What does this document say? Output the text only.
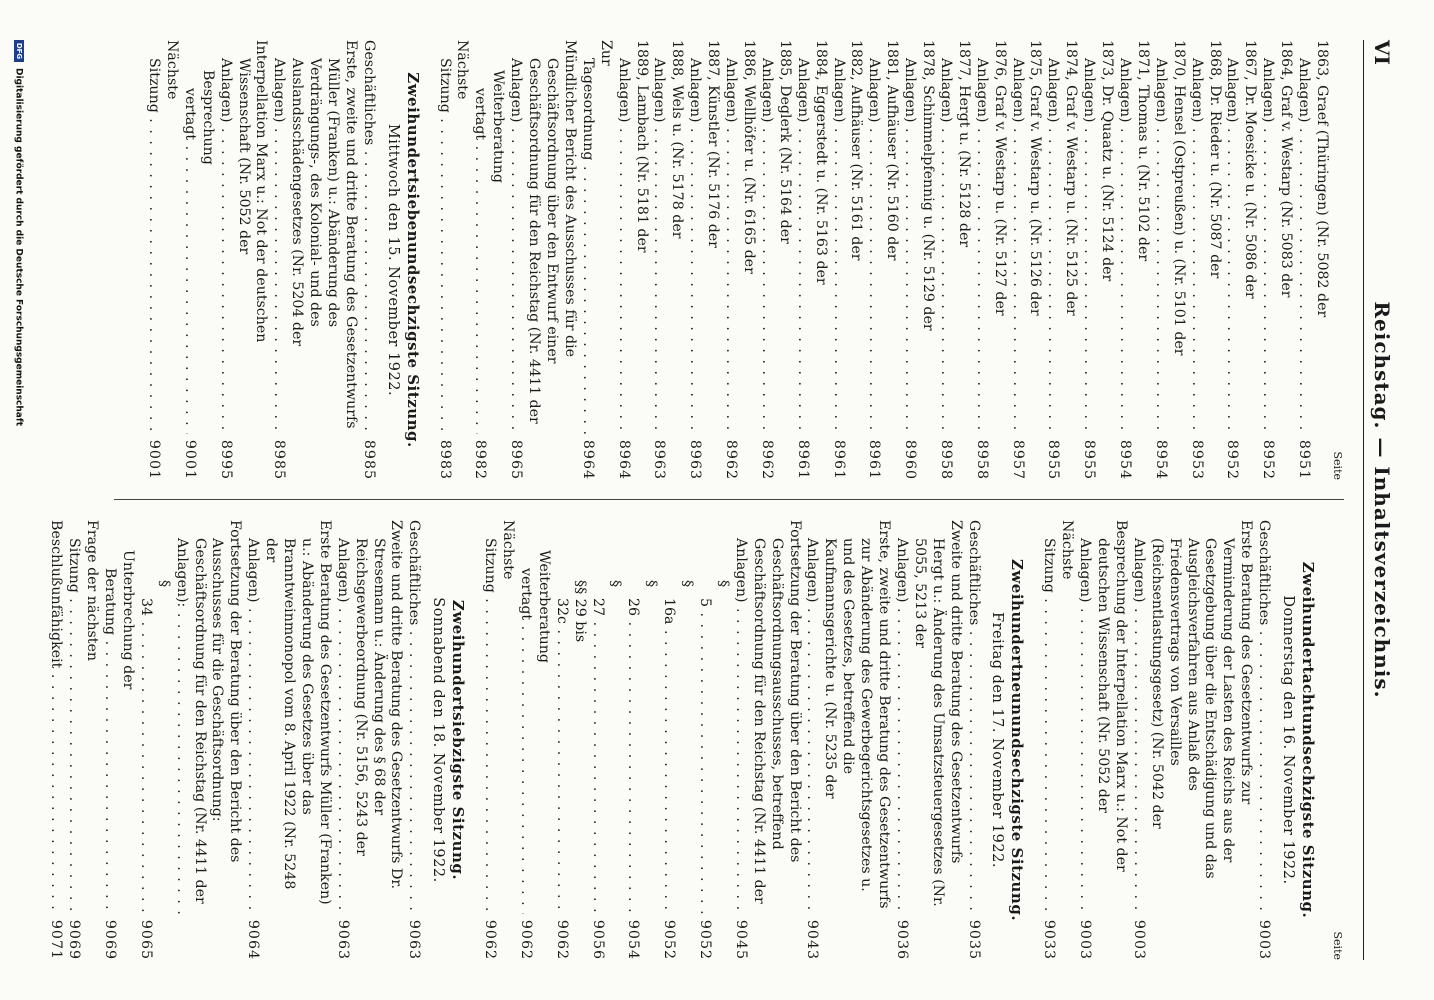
VI
Reichstag. — Inhaltsverzeichnis.
Seite
1863, Graef (Thüringen) (Nr. 5082 der Anlagen) . . .
8951
1864, Graf v. Westarp (Nr. 5083 der Anlagen) . . .
8952
1867, Dr. Moesicke u. (Nr. 5086 der Anlagen) . . .
8952
1868, Dr. Rieder u. (Nr. 5087 der Anlagen) . . .
8953
1870, Hensel (Ostpreußen) u. (Nr. 5101 der Anlagen) . . .
8954
1871, Thomas u. (Nr. 5102 der Anlagen) . . .
8954
1873, Dr. Quaatz u. (Nr. 5124 der Anlagen) . . .
8955
1874, Graf v. Westarp u. (Nr. 5125 der Anlagen) . . .
8955
1875, Graf v. Westarp u. (Nr. 5126 der Anlagen) . . .
8957
1876, Graf v. Westarp u. (Nr. 5127 der Anlagen) . . .
8958
1877, Hergt u. (Nr. 5128 der Anlagen) . . .
8958
1878, Schimmelpfennig u. (Nr. 5129 der Anlagen) . . .
8960
1881, Aufhäuser (Nr. 5160 der Anlagen) . . .
8961
1882, Aufhäuser (Nr. 5161 der Anlagen) . . .
8961
1884, Eggerstedt u. (Nr. 5163 der Anlagen) . . .
8961
1885, Deglerk (Nr. 5164 der Anlagen) . . .
8962
1886, Wellhöfer u. (Nr. 6165 der Anlagen) . . .
8962
1887, Künstler (Nr. 5176 der Anlagen) . . .
8963
1888, Wels u. (Nr. 5178 der Anlagen) . . .
8963
1889, Lambach (Nr. 5181 der Anlagen) . . .
8964
Zur Tagesordnung . . .
8964
Mündlicher Bericht des Ausschusses für die Geschäftsordnung über den Entwurf einer Geschäftsordnung für den Reichstag (Nr. 4411 der Anlagen) . . .
8965
Weiterberatung vertagt . . .
8982
Nächste Sitzung . . .
8983
Zweihundertsiebenundsechzigste Sitzung.
Mittwoch den 15. November 1922.
Geschäftliches . . .
8985
Erste, zweite und dritte Beratung des Gesetzentwurfs Müller (Franken) u.: Abänderung des Verdrängungs-, des Kolonial- und des Auslandsschädengesetzes (Nr. 5204 der Anlagen) . . .
8985
Interpellation Marx u.: Not der deutschen Wissenschaft (Nr. 5052 der Anlagen) . . .
8995
Besprechung vertagt . . .
9001
Nächste Sitzung . . .
9001
Seite
Zweihundertachtundsechzigste Sitzung.
Donnerstag den 16. November 1922.
Geschäftliches . . .
9003
Erste Beratung des Gesetzentwurfs zur Verminderung der Lasten des Reichs aus der Gesetzgebung über die Entschädigung und das Ausgleichsverfahren aus Anlaß des Friedensvertrags von Versailles (Reichsentlastungsgesetz) (Nr. 5042 der Anlagen) . . .
9003
Besprechung der Interpellation Marx u.: Not der deutschen Wissenschaft (Nr. 5052 der Anlagen) . . .
9003
Nächste Sitzung . . .
9033
Zweihundertneunundsechzigste Sitzung.
Freitag den 17. November 1922.
Geschäftliches . . .
9035
Zweite und dritte Beratung des Gesetzentwurfs Hergt u.: Änderung des Umsatzsteuergesetzes (Nr. 5055, 5213 der Anlagen) . . .
9036
Erste, zweite und dritte Beratung des Gesetzentwurfs zur Abänderung des Gewerbegerichtsgesetzes u. und des Gesetzes, betreffend die Kaufmannsgerichte u. (Nr. 5235 der Anlagen) . . .
9043
Fortsetzung der Beratung über den Bericht des Geschäftsordnungsausschusses, betreffend Geschäftsordnung für den Reichstag (Nr. 4411 der Anlagen) . . .
9045
§ 5 . . .
9052
§ 16a . . .
9052
§ 26 . . .
9054
§ 27 . . .
9056
§§ 29 bis 32c . . .
9062
Weiterberatung vertagt . . .
9062
Nächste Sitzung . . .
9062
Zweihundertsiebzigste Sitzung.
Sonnabend den 18. November 1922.
Geschäftliches . . .
9063
Zweite und dritte Beratung des Gesetzentwurfs Dr. Stresemann u.: Änderung des § 68 der Reichsgewerbeordnung (Nr. 5156, 5243 der Anlagen) . . .
9063
Erste Beratung des Gesetzentwurfs Müller (Franken) u.: Abänderung des Gesetzes über das Branntweinmonopol vom 8. April 1922 (Nr. 5248 der Anlagen) . . .
9064
Fortsetzung der Beratung über den Bericht des Ausschusses für die Geschäftsordnung: Geschäftsordnung für den Reichstag (Nr. 4411 der Anlagen): . . .
§ 34 . . .
9065
Unterbrechung der Beratung . . .
9069
Frage der nächsten Sitzung . . .
9069
Beschlußunfähigkeit . . .
9071
DFGDigitalisierung gefördert durch die Deutsche Forschungsgemeinschaft
